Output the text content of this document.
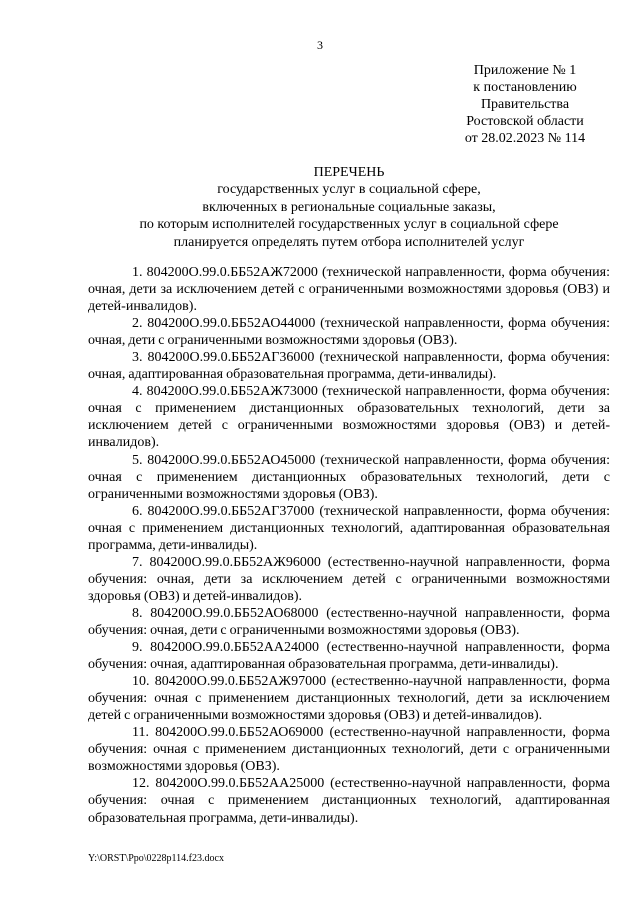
3
Приложение № 1
к постановлению
Правительства
Ростовской области
от 28.02.2023 № 114
ПЕРЕЧЕНЬ
государственных услуг в социальной сфере,
включенных в региональные социальные заказы,
по которым исполнителей государственных услуг в социальной сфере
планируется определять путем отбора исполнителей услуг

1. 804200О.99.0.ББ52АЖ72000 (технической направленности, форма обучения: очная, дети за исключением детей с ограниченными возможностями здоровья (ОВЗ) и детей-инвалидов).

2. 804200О.99.0.ББ52АО44000 (технической направленности, форма обучения: очная, дети с ограниченными возможностями здоровья (ОВЗ).

3. 804200О.99.0.ББ52АГ36000 (технической направленности, форма обучения: очная, адаптированная образовательная программа, дети-инвалиды).

4. 804200О.99.0.ББ52АЖ73000 (технической направленности, форма обучения: очная с применением дистанционных образовательных технологий, дети за исключением детей с ограниченными возможностями здоровья (ОВЗ) и детей-инвалидов).

5. 804200О.99.0.ББ52АО45000 (технической направленности, форма обучения: очная с применением дистанционных образовательных технологий, дети с ограниченными возможностями здоровья (ОВЗ).

6. 804200О.99.0.ББ52АГ37000 (технической направленности, форма обучения: очная с применением дистанционных технологий, адаптированная образовательная программа, дети-инвалиды).

7. 804200О.99.0.ББ52АЖ96000 (естественно-научной направленности, форма обучения: очная, дети за исключением детей с ограниченными возможностями здоровья (ОВЗ) и детей-инвалидов).

8. 804200О.99.0.ББ52АО68000 (естественно-научной направленности, форма обучения: очная, дети с ограниченными возможностями здоровья (ОВЗ).

9. 804200О.99.0.ББ52АА24000 (естественно-научной направленности, форма обучения: очная, адаптированная образовательная программа, дети-инвалиды).

10. 804200О.99.0.ББ52АЖ97000 (естественно-научной направленности, форма обучения: очная с применением дистанционных технологий, дети за исключением детей с ограниченными возможностями здоровья (ОВЗ) и детей-инвалидов).

11. 804200О.99.0.ББ52АО69000 (естественно-научной направленности, форма обучения: очная с применением дистанционных технологий, дети с ограниченными возможностями здоровья (ОВЗ).

12. 804200О.99.0.ББ52АА25000 (естественно-научной направленности, форма обучения: очная с применением дистанционных технологий, адаптированная образовательная программа, дети-инвалиды).

Y:\ORST\Ppo\0228p114.f23.docx
